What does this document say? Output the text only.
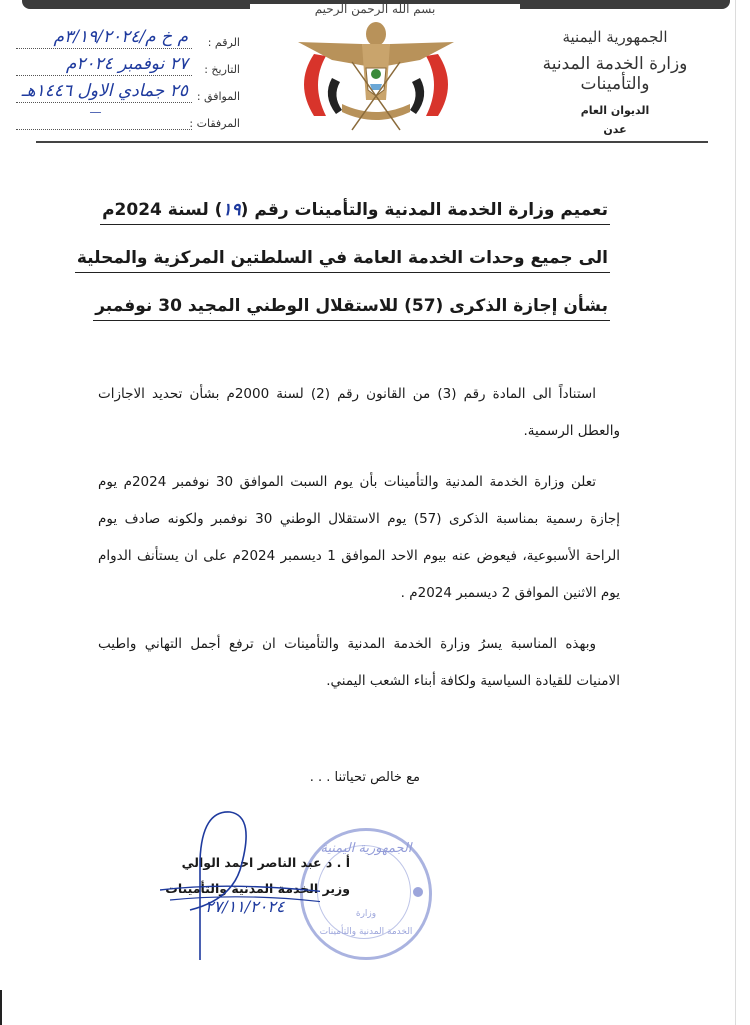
الرقم :
م خ م/٣/١٩/٢٠٢٤م
التاريخ :
٢٧ نوفمبر ٢٠٢٤م
الموافق :
٢٥ جمادي الاول ١٤٤٦هـ
المرفقات :
—
بسم الله الرحمن الرحيم
الجمهورية اليمنية
وزارة الخدمة المدنية والتأمينات
الديوان العام
عدن
تعميم وزارة الخدمة المدنية والتأمينات رقم (١٩) لسنة 2024م
الى جميع وحدات الخدمة العامة في السلطتين المركزية والمحلية
بشأن إجازة الذكرى (57) للاستقلال الوطني المجيد 30 نوفمبر

استناداً الى المادة رقم (3) من القانون رقم (2) لسنة 2000م بشأن تحديد الاجازات والعطل الرسمية.

تعلن وزارة الخدمة المدنية والتأمينات بأن يوم السبت الموافق 30 نوفمبر 2024م يوم إجازة رسمية بمناسبة الذكرى (57) يوم الاستقلال الوطني 30 نوفمبر ولكونه صادف يوم الراحة الأسبوعية، فيعوض عنه بيوم الاحد الموافق 1 ديسمبر 2024م على ان يستأنف الدوام يوم الاثنين الموافق 2 ديسمبر 2024م .

وبهذه المناسبة يسرُ وزارة الخدمة المدنية والتأمينات ان ترفع أجمل التهاني واطيب الامنيات للقيادة السياسية ولكافة أبناء الشعب اليمني.

مع خالص تحياتنا . . .
الجمهورية اليمنية
وزارة
الخدمة المدنية والتأمينات
أ . د عبد الناصر احمد الوالي
وزير الخدمة المدنية والتأمينات
٢٧/١١/٢٠٢٤
